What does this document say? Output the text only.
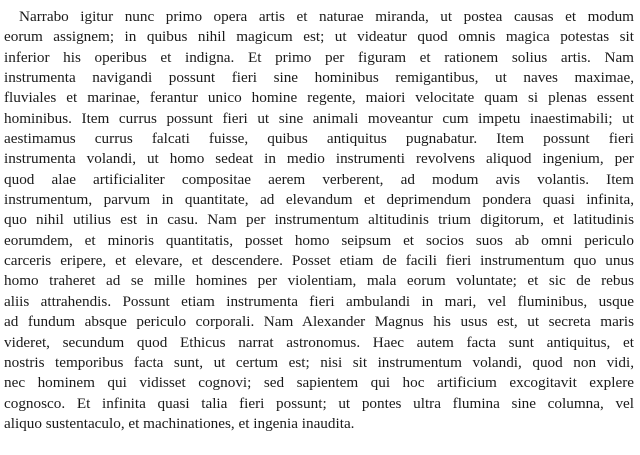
Narrabo igitur nunc primo opera artis et naturae miranda, ut postea causas et modum
eorum assignem; in quibus nihil magicum est; ut videatur quod omnis magica potestas sit
inferior his operibus et indigna. Et primo per figuram et rationem solius artis. Nam
instrumenta navigandi possunt fieri sine hominibus remigantibus, ut naves maximae,
fluviales et marinae, ferantur unico homine regente, maiori velocitate quam si plenas essent
hominibus. Item currus possunt fieri ut sine animali moveantur cum impetu inaestimabili; ut
aestimamus currus falcati fuisse, quibus antiquitus pugnabatur. Item possunt fieri
instrumenta volandi, ut homo sedeat in medio instrumenti revolvens aliquod ingenium, per
quod alae artificialiter compositae aerem verberent, ad modum avis volantis. Item
instrumentum, parvum in quantitate, ad elevandum et deprimendum pondera quasi infinita,
quo nihil utilius est in casu. Nam per instrumentum altitudinis trium digitorum, et latitudinis
eorumdem, et minoris quantitatis, posset homo seipsum et socios suos ab omni periculo
carceris eripere, et elevare, et descendere. Posset etiam de facili fieri instrumentum quo unus
homo traheret ad se mille homines per violentiam, mala eorum voluntate; et sic de rebus
aliis attrahendis. Possunt etiam instrumenta fieri ambulandi in mari, vel fluminibus, usque
ad fundum absque periculo corporali. Nam Alexander Magnus his usus est, ut secreta maris
videret, secundum quod Ethicus narrat astronomus. Haec autem facta sunt antiquitus, et
nostris temporibus facta sunt, ut certum est; nisi sit instrumentum volandi, quod non vidi,
nec hominem qui vidisset cognovi; sed sapientem qui hoc artificium excogitavit explere
cognosco. Et infinita quasi talia fieri possunt; ut pontes ultra flumina sine columna, vel
aliquo sustentaculo, et machinationes, et ingenia inaudita.
